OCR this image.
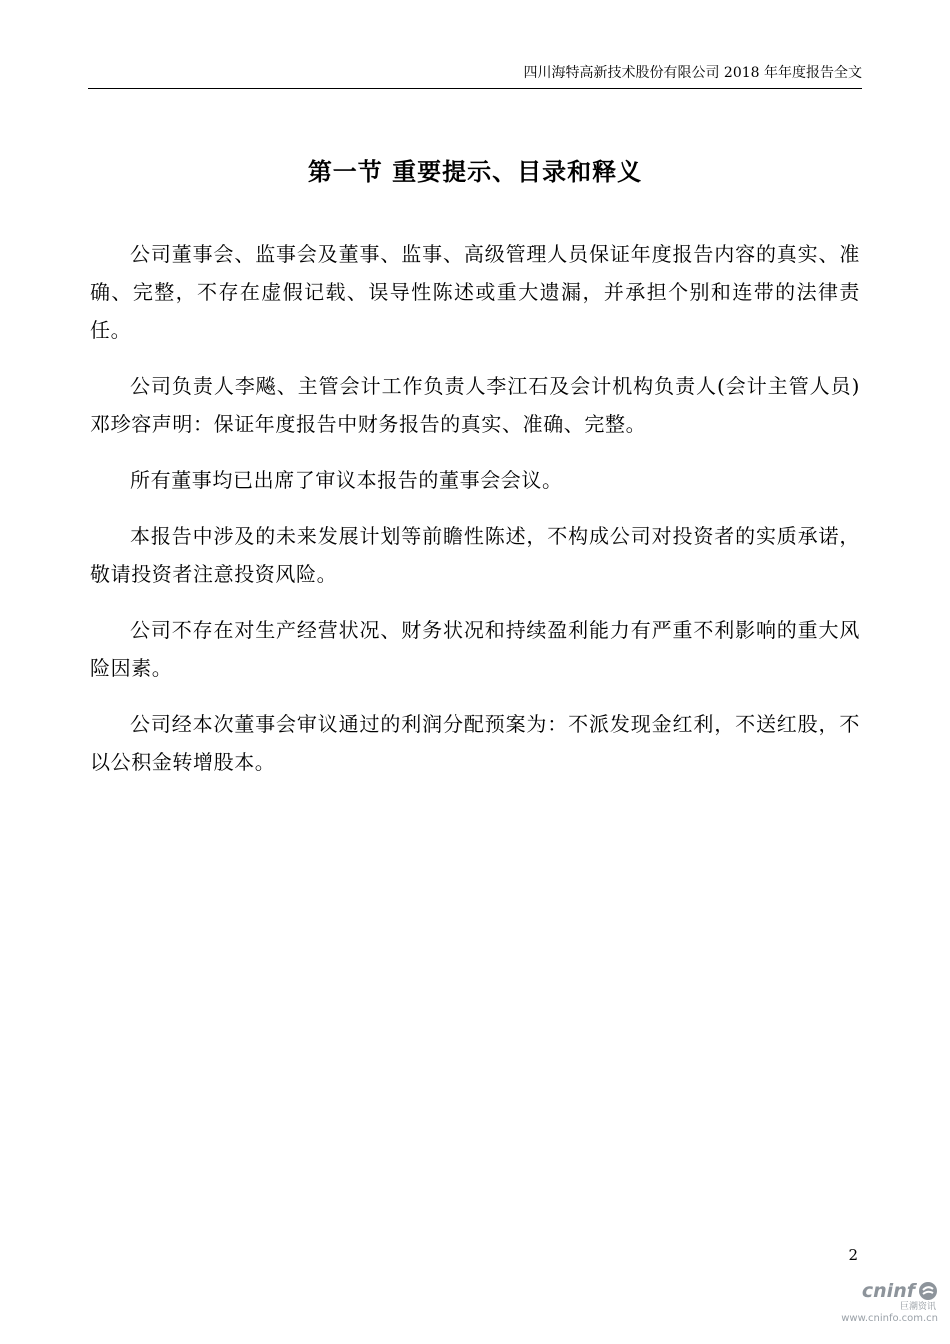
四川海特高新技术股份有限公司 2018 年年度报告全文
第一节 重要提示、目录和释义

公司董事会、监事会及董事、监事、高级管理人员保证年度报告内容的真实、准确、完整，不存在虚假记载、误导性陈述或重大遗漏，并承担个别和连带的法律责任。

公司负责人李飚、主管会计工作负责人李江石及会计机构负责人(会计主管人员)邓珍容声明：保证年度报告中财务报告的真实、准确、完整。

所有董事均已出席了审议本报告的董事会会议。

本报告中涉及的未来发展计划等前瞻性陈述，不构成公司对投资者的实质承诺，敬请投资者注意投资风险。

公司不存在对生产经营状况、财务状况和持续盈利能力有严重不利影响的重大风险因素。

公司经本次董事会审议通过的利润分配预案为：不派发现金红利，不送红股，不以公积金转增股本。

2
cninf
巨潮资讯
www.cninfo.com.cn
